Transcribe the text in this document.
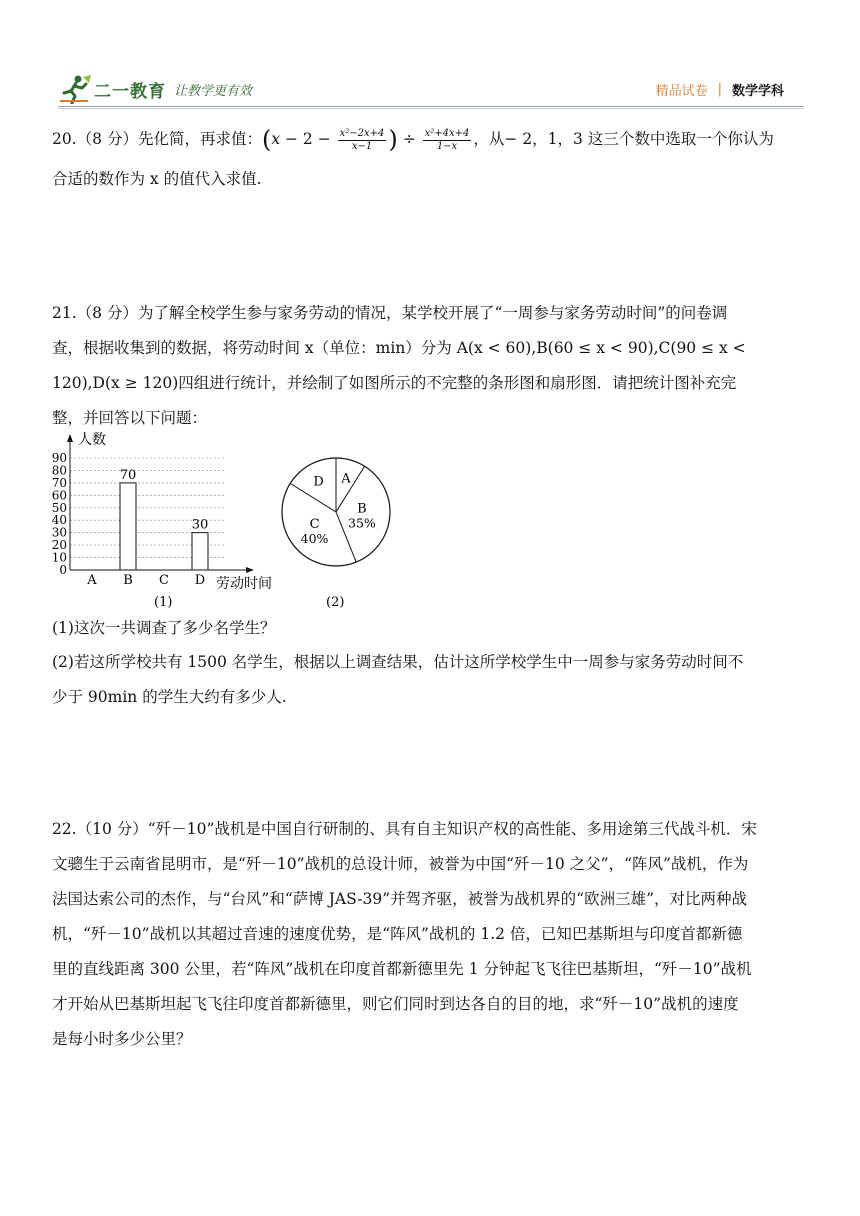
二一教育 让教学更有效	精品试卷 | 数学学科

20.（8 分）先化简，再求值：($x - 2 - \frac{\text{x²−2x+4}}{x-1}$ ) ÷ $\frac{\text{x²+4x+4}}{1-x}$ ，从− 2，1，3 这三个数中选取一个你认为

合适的数作为 x 的值代入求值.

21.（8 分）为了解全校学生参与家务劳动的情况，某学校开展了“一周参与家务劳动时间”的问卷调

查，根据收集到的数据，将劳动时间 x（单位：min）分为 A(x < 60),B(60 ≤ x < 90),C(90 ≤ x <

120),D(x ≥ 120)四组进行统计，并绘制了如图所示的不完整的条形图和扇形图．请把统计图补充完

整，并回答以下问题：

人数
劳动时间
(1)
0
10
20
30
40
50
60
70
80
90
A B
70
C D
30
A
B
35%
C
40%
D
(2)

(1)这次一共调查了多少名学生？

(2)若这所学校共有 1500 名学生，根据以上调查结果，估计这所学校学生中一周参与家务劳动时间不

少于 90min 的学生大约有多少人.

22.（10 分）“歼－10”战机是中国自行研制的、具有自主知识产权的高性能、多用途第三代战斗机．宋

文骢生于云南省昆明市，是“歼－10”战机的总设计师，被誉为中国“歼－10 之父”，“阵风”战机，作为

法国达索公司的杰作，与“台风”和“萨博 JAS-39”并驾齐驱，被誉为战机界的“欧洲三雄”，对比两种战

机，“歼－10”战机以其超过音速的速度优势，是“阵风”战机的 1.2 倍，已知巴基斯坦与印度首都新德

里的直线距离 300 公里，若“阵风”战机在印度首都新德里先 1 分钟起飞飞往巴基斯坦，“歼－10”战机

才开始从巴基斯坦起飞飞往印度首都新德里，则它们同时到达各自的目的地，求“歼－10”战机的速度

是每小时多少公里？
